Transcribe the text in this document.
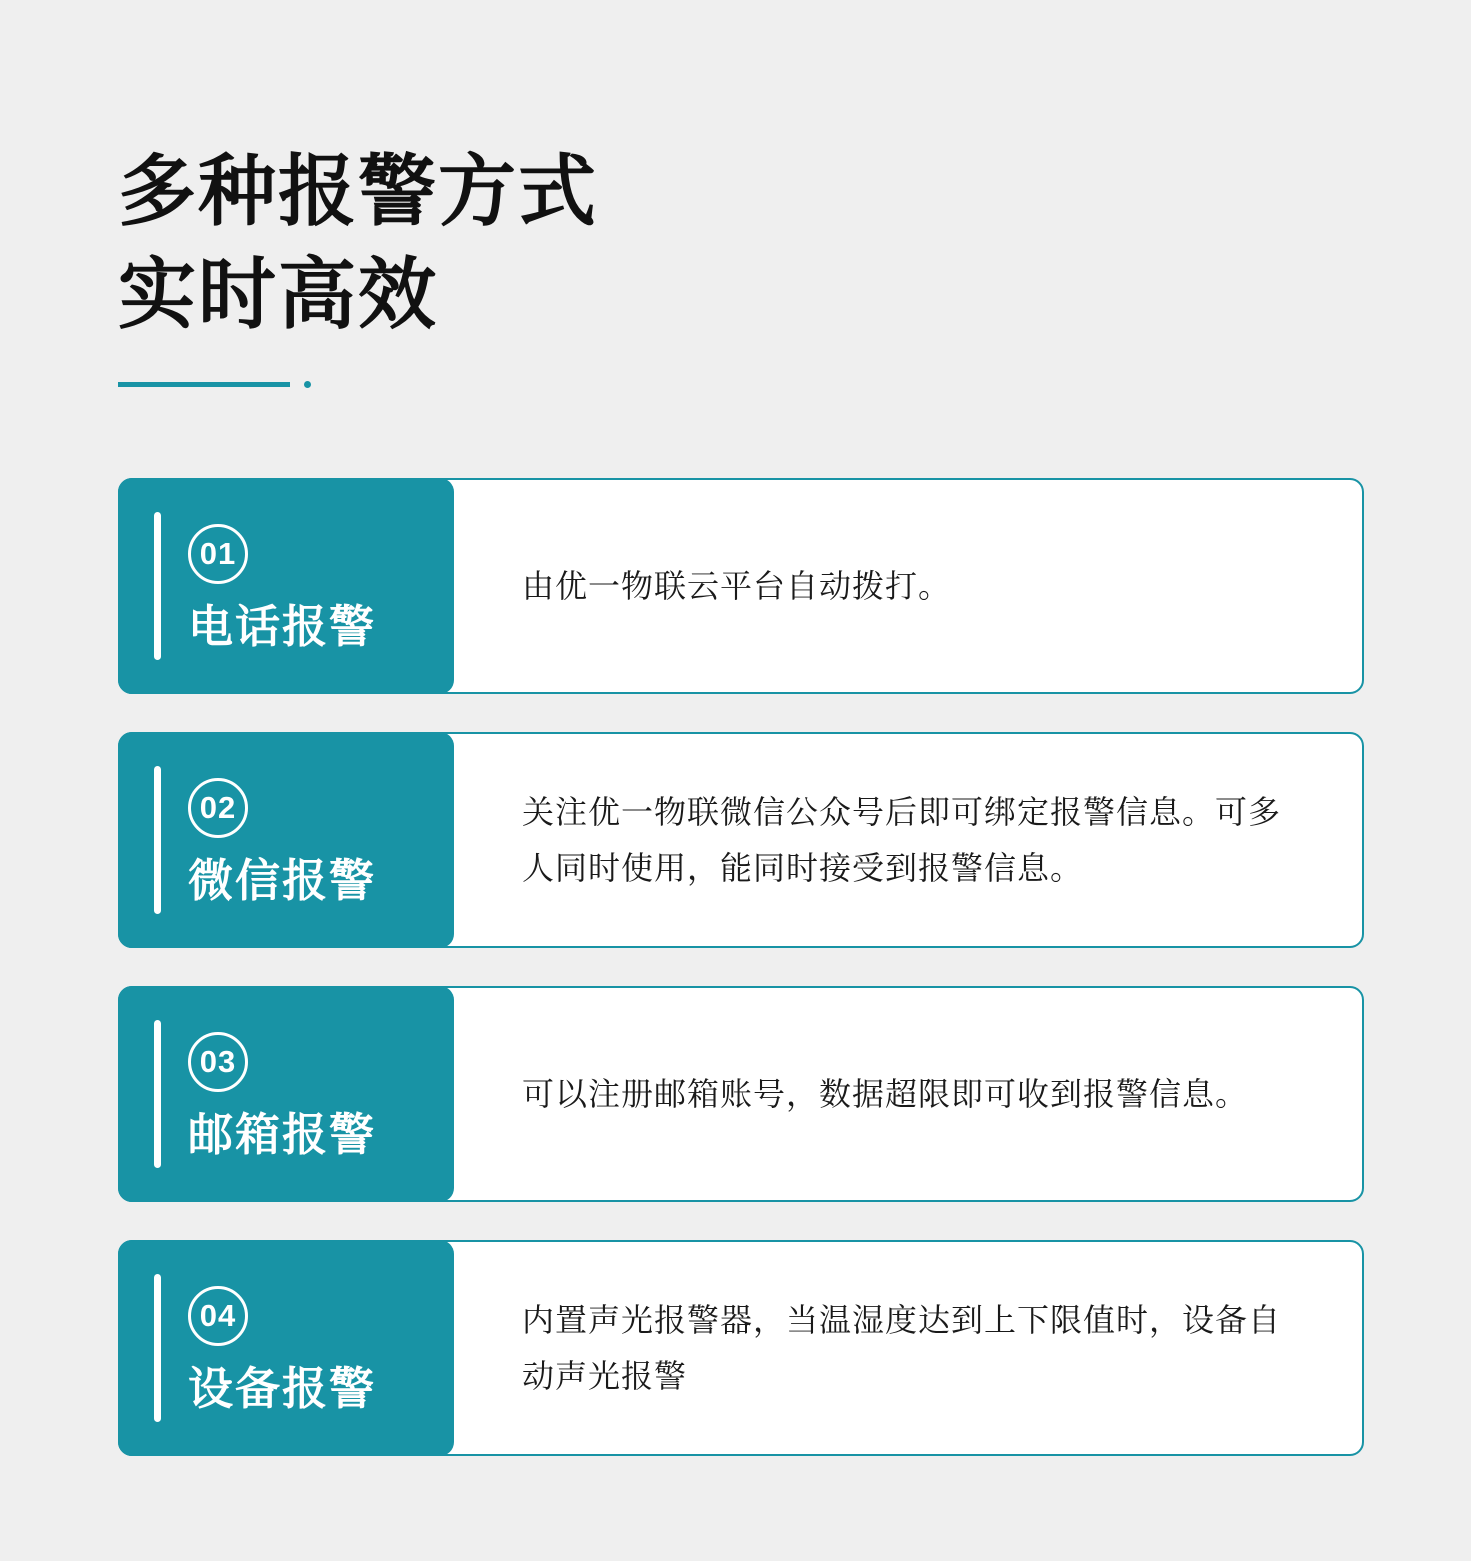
多种报警方式
实时高效
01
电话报警

由优一物联云平台自动拨打。

02
微信报警

关注优一物联微信公众号后即可绑定报警信息。可多人同时使用，能同时接受到报警信息。

03
邮箱报警

可以注册邮箱账号，数据超限即可收到报警信息。

04
设备报警

内置声光报警器，当温湿度达到上下限值时，设备自动声光报警
